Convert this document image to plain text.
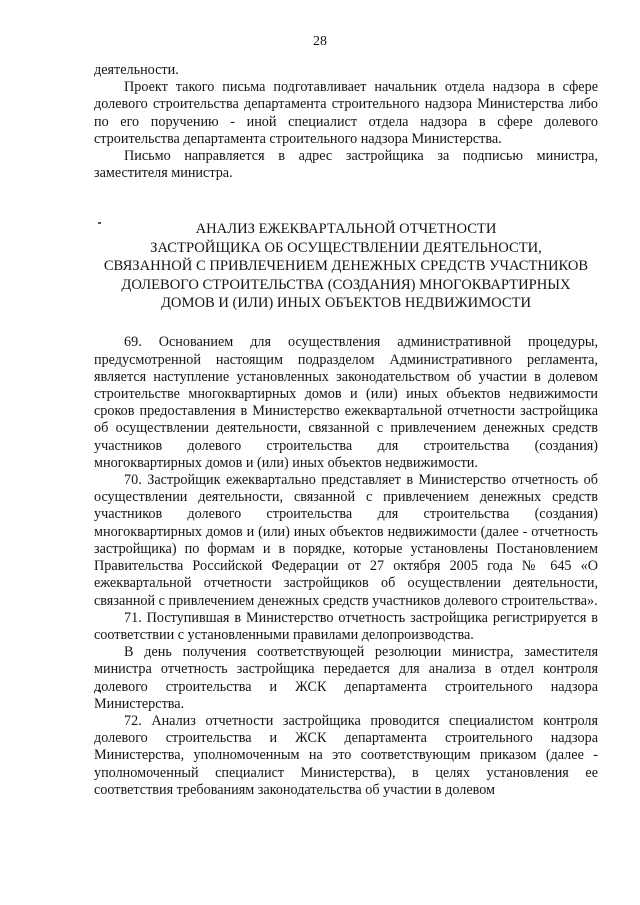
28

деятельности.

Проект такого письма подготавливает начальник отдела надзора в сфере долевого строительства департамента строительного надзора Министерства либо по его поручению - иной специалист отдела надзора в сфере долевого строительства департамента строительного надзора Министерства.

Письмо направляется в адрес застройщика за подписью министра, заместителя министра.

АНАЛИЗ ЕЖЕКВАРТАЛЬНОЙ ОТЧЕТНОСТИ
ЗАСТРОЙЩИКА ОБ ОСУЩЕСТВЛЕНИИ ДЕЯТЕЛЬНОСТИ,
СВЯЗАННОЙ С ПРИВЛЕЧЕНИЕМ ДЕНЕЖНЫХ СРЕДСТВ УЧАСТНИКОВ
ДОЛЕВОГО СТРОИТЕЛЬСТВА (СОЗДАНИЯ) МНОГОКВАРТИРНЫХ
ДОМОВ И (ИЛИ) ИНЫХ ОБЪЕКТОВ НЕДВИЖИМОСТИ

69. Основанием для осуществления административной процедуры, предусмотренной настоящим подразделом Административного регламента, является наступление установленных законодательством об участии в долевом строительстве многоквартирных домов и (или) иных объектов недвижимости сроков предоставления в Министерство ежеквартальной отчетности застройщика об осуществлении деятельности, связанной с привлечением денежных средств участников долевого строительства для строительства (создания) многоквартирных домов и (или) иных объектов недвижимости.

70. Застройщик ежеквартально представляет в Министерство отчетность об осуществлении деятельности, связанной с привлечением денежных средств участников долевого строительства для строительства (создания) многоквартирных домов и (или) иных объектов недвижимости (далее - отчетность застройщика) по формам и в порядке, которые установлены Постановлением Правительства Российской Федерации от 27 октября 2005 года № 645 «О ежеквартальной отчетности застройщиков об осуществлении деятельности, связанной с привлечением денежных средств участников долевого строительства».

71. Поступившая в Министерство отчетность застройщика регистрируется в соответствии с установленными правилами делопроизводства.

В день получения соответствующей резолюции министра, заместителя министра отчетность застройщика передается для анализа в отдел контроля долевого строительства и ЖСК департамента строительного надзора Министерства.

72. Анализ отчетности застройщика проводится специалистом контроля долевого строительства и ЖСК департамента строительного надзора Министерства, уполномоченным на это соответствующим приказом (далее - уполномоченный специалист Министерства), в целях установления ее соответствия требованиям законодательства об участии в долевом
